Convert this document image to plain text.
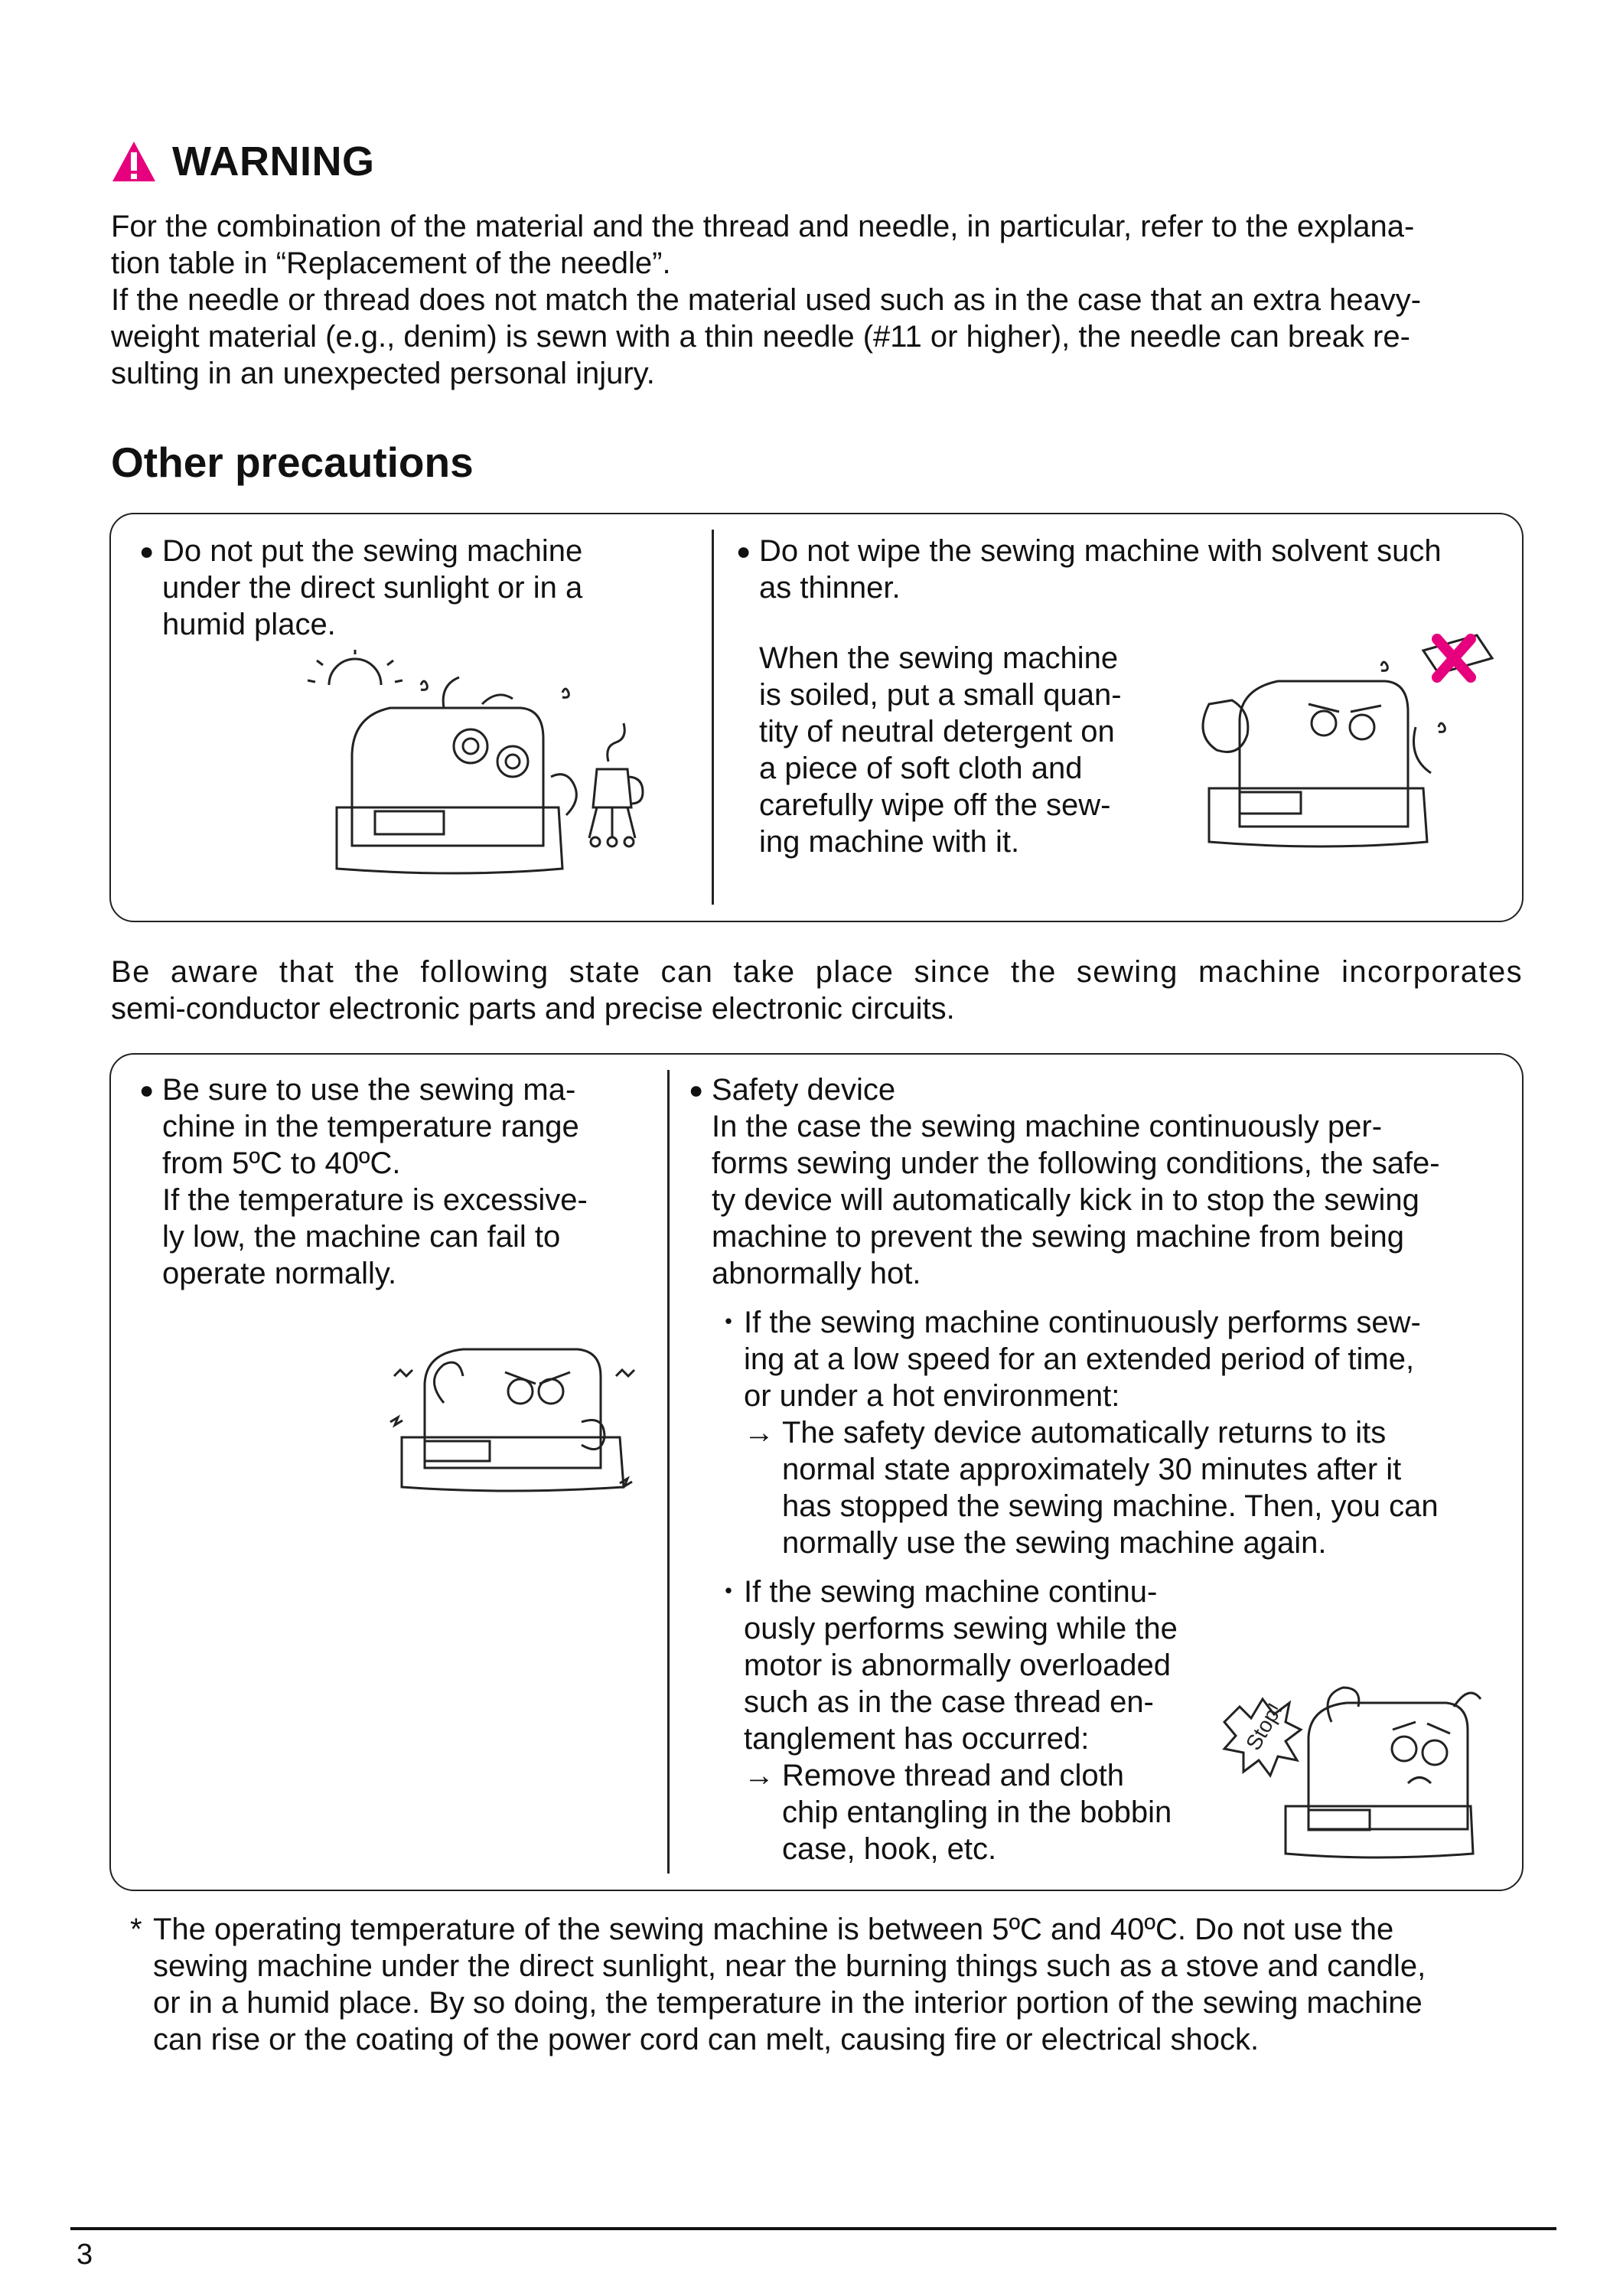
WARNING
For the combination of the material and the thread and needle, in particular, refer to the explana-
tion table in “Replacement of the needle”.
If the needle or thread does not match the material used such as in the case that an extra heavy-
weight material (e.g., denim) is sewn with a thin needle (#11 or higher), the needle can break re-
sulting in an unexpected personal injury.
Other precautions
● Do not put the sewing machine
under the direct sunlight or in a
humid place.
● Do not wipe the sewing machine with solvent such
as thinner.
When the sewing machine
is soiled, put a small quan-
tity of neutral detergent on
a piece of soft cloth and
carefully wipe off the sew-
ing machine with it.
Be aware that the following state can take place since the sewing machine incorporates
semi-conductor electronic parts and precise electronic circuits.
● Be sure to use the sewing ma-
chine in the temperature range
from 5ºC to 40ºC.
If the temperature is excessive-
ly low, the machine can fail to
operate normally.
● Safety device
In the case the sewing machine continuously per-
forms sewing under the following conditions, the safe-
ty device will automatically kick in to stop the sewing
machine to prevent the sewing machine from being
abnormally hot.
・ If the sewing machine continuously performs sew-
ing at a low speed for an extended period of time,
or under a hot environment:
→ The safety device automatically returns to its
normal state approximately 30 minutes after it
has stopped the sewing machine. Then, you can
normally use the sewing machine again.
・ If the sewing machine continu-
ously performs sewing while the
motor is abnormally overloaded
such as in the case thread en-
tanglement has occurred:
→ Remove thread and cloth
chip entangling in the bobbin
case, hook, etc.
Stop!
* The operating temperature of the sewing machine is between 5ºC and 40ºC. Do not use the
sewing machine under the direct sunlight, near the burning things such as a stove and candle,
or in a humid place. By so doing, the temperature in the interior portion of the sewing machine
can rise or the coating of the power cord can melt, causing fire or electrical shock.
3
